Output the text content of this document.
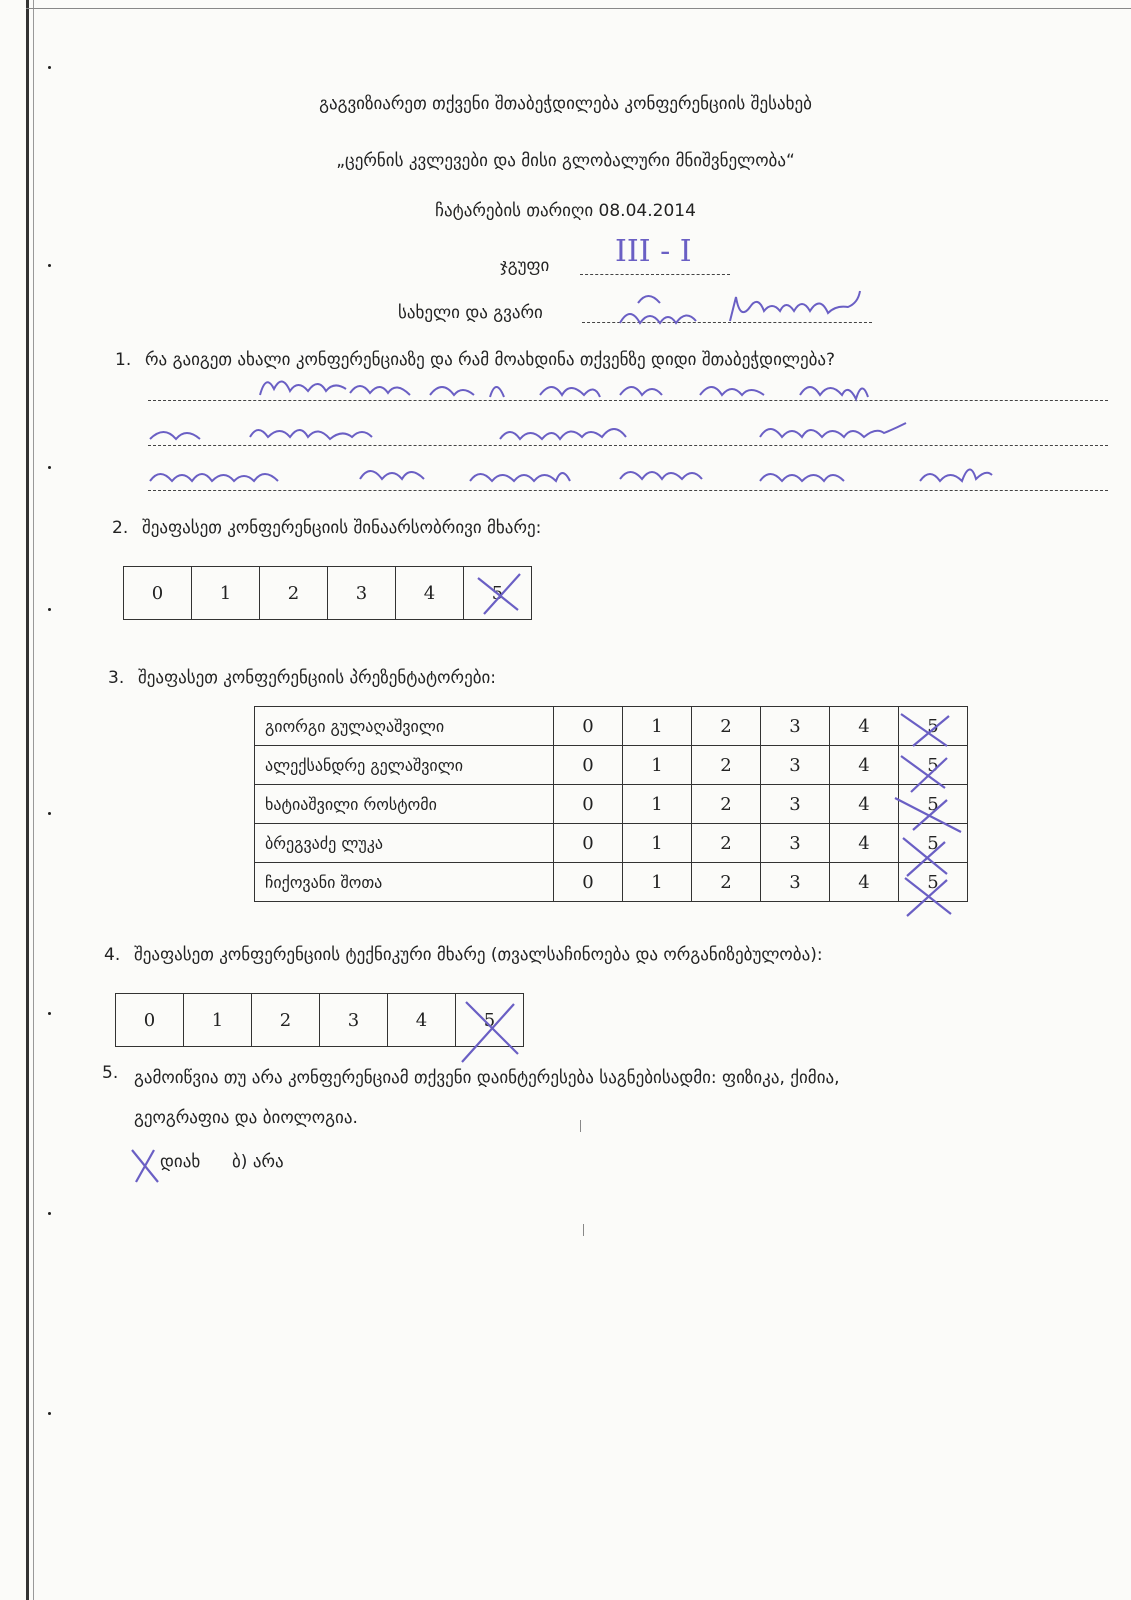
გაგვიზიარეთ თქვენი შთაბეჭდილება კონფერენციის შესახებ
„ცერნის კვლევები და მისი გლობალური მნიშვნელობა“
ჩატარების თარიღი 08.04.2014
ჯგუფი III - I
სახელი და გვარი
1. რა გაიგეთ ახალი კონფერენციაზე და რამ მოახდინა თქვენზე დიდი შთაბეჭდილება?
2. შეაფასეთ კონფერენციის შინაარსობრივი მხარე:
0	1	2	3	4	5
3. შეაფასეთ კონფერენციის პრეზენტატორები:
გიორგი გულაღაშვილი	0	1	2	3	4	5
ალექსანდრე გელაშვილი	0	1	2	3	4	5
ხატიაშვილი როსტომი	0	1	2	3	4	5
ბრეგვაძე ლუკა	0	1	2	3	4	5
ჩიქოვანი შოთა	0	1	2	3	4	5
4. შეაფასეთ კონფერენციის ტექნიკური მხარე (თვალსაჩინოება და ორგანიზებულობა):
0	1	2	3	4	5
5. გამოიწვია თუ არა კონფერენციამ თქვენი დაინტერესება საგნებისადმი: ფიზიკა, ქიმია,
გეოგრაფია და ბიოლოგია.
დიახ ბ) არა
